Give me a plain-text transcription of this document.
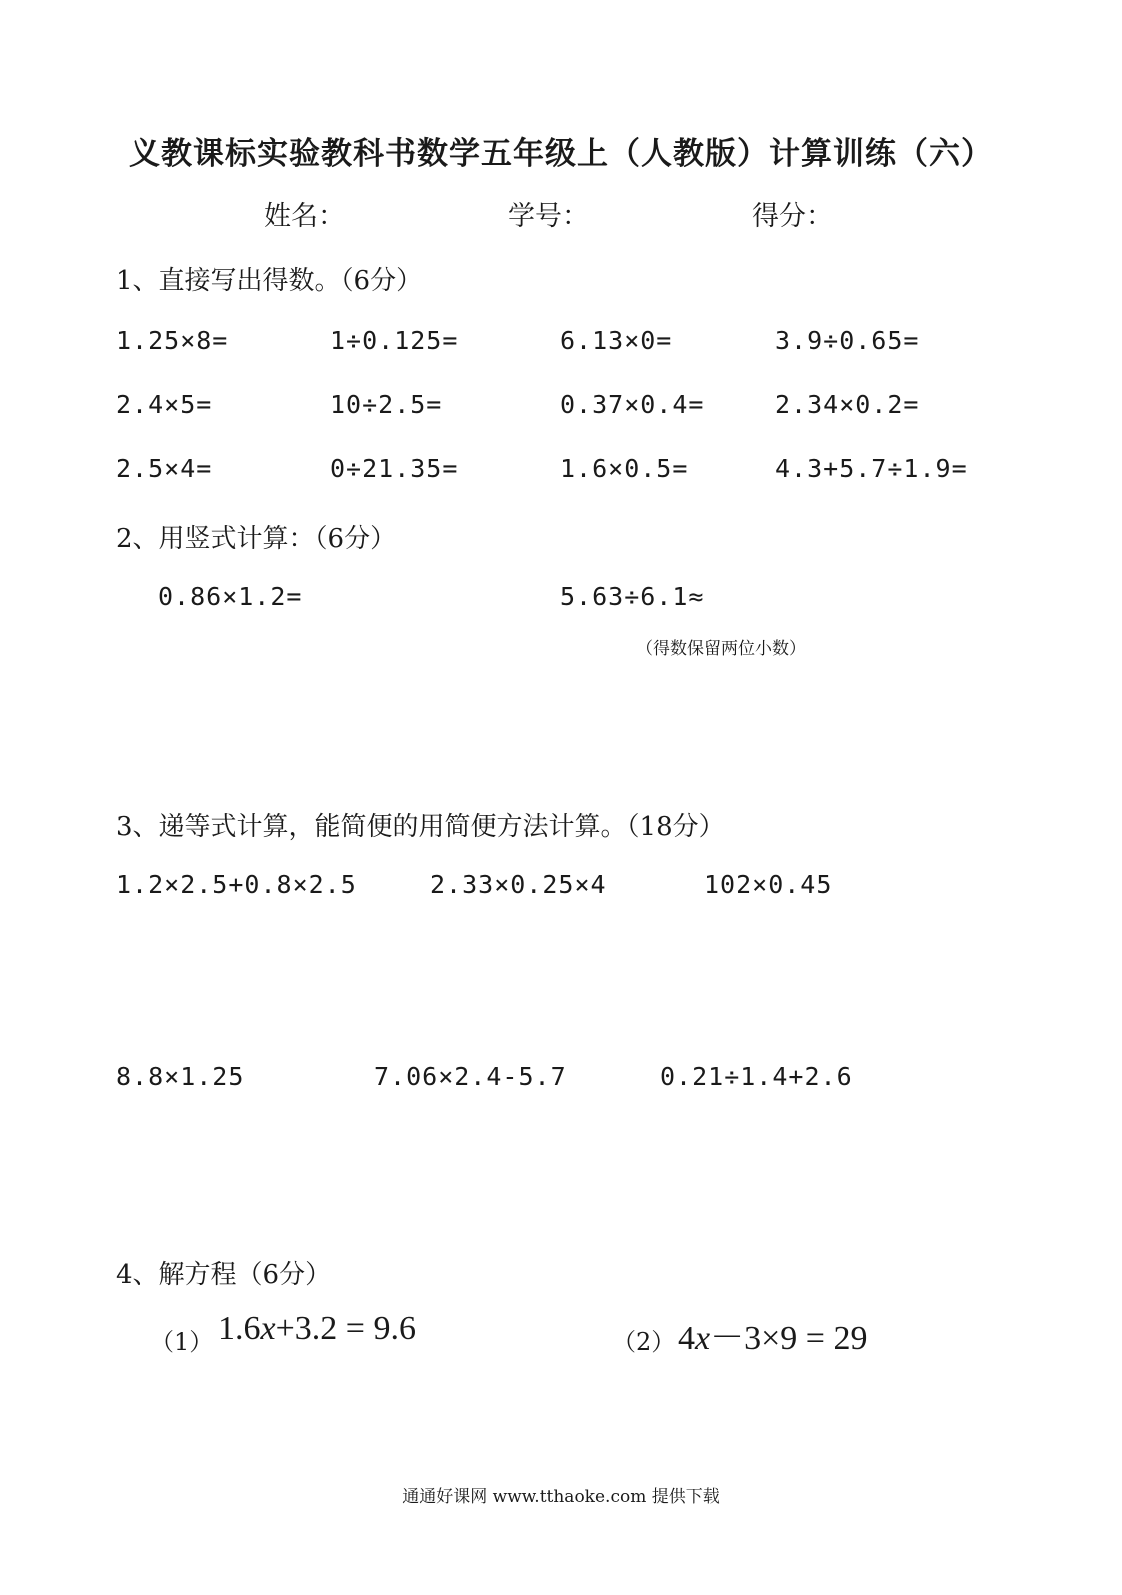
义教课标实验教科书数学五年级上（人教版）计算训练（六）
姓名：	学号：	得分：
1、直接写出得数。（6分）
1.25×8=	1÷0.125=	6.13×0=	3.9÷0.65=
2.4×5=	10÷2.5=	0.37×0.4=	2.34×0.2=
2.5×4=	0÷21.35=	1.6×0.5=	4.3+5.7÷1.9=
2、用竖式计算：（6分）
0.86×1.2=	5.63÷6.1≈
（得数保留两位小数）
3、递等式计算，能简便的用简便方法计算。（18分）
1.2×2.5+0.8×2.5	2.33×0.25×4	102×0.45
8.8×1.25	7.06×2.4-5.7	0.21÷1.4+2.6
4、解方程（6分）
（1） 1.6x+3.2 = 9.6	（2） 4x－3×9 = 29
通通好课网 www.tthaoke.com 提供下载
